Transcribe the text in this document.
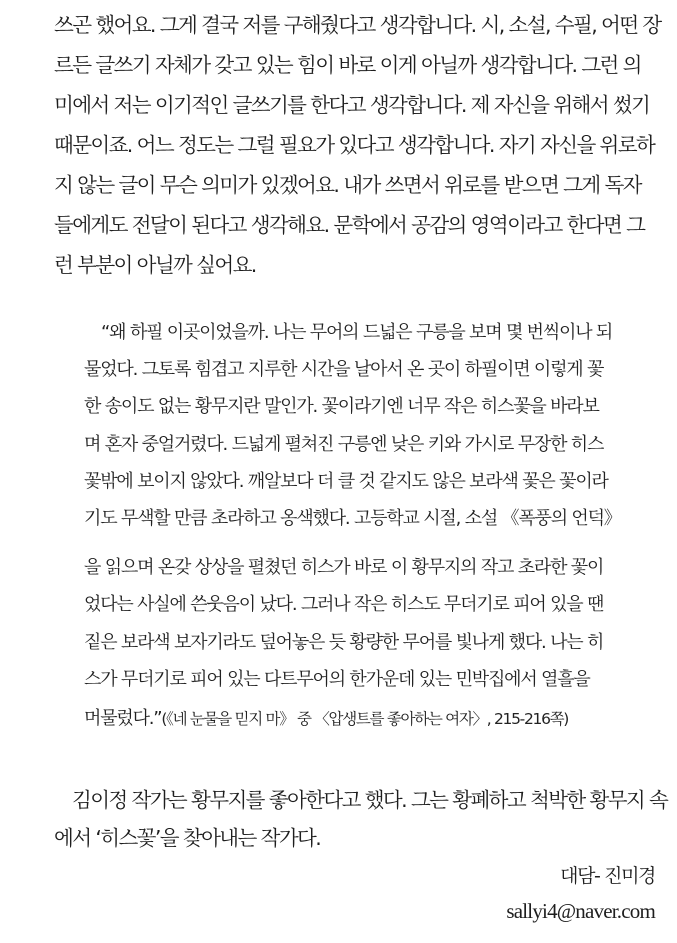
쓰곤 했어요. 그게 결국 저를 구해줬다고 생각합니다. 시, 소설, 수필, 어떤 장
르든 글쓰기 자체가 갖고 있는 힘이 바로 이게 아닐까 생각합니다. 그런 의
미에서 저는 이기적인 글쓰기를 한다고 생각합니다. 제 자신을 위해서 썼기
때문이죠. 어느 정도는 그럴 필요가 있다고 생각합니다. 자기 자신을 위로하
지 않는 글이 무슨 의미가 있겠어요. 내가 쓰면서 위로를 받으면 그게 독자
들에게도 전달이 된다고 생각해요. 문학에서 공감의 영역이라고 한다면 그
런 부분이 아닐까 싶어요.
“왜 하필 이곳이었을까. 나는 무어의 드넓은 구릉을 보며 몇 번씩이나 되
물었다. 그토록 힘겹고 지루한 시간을 날아서 온 곳이 하필이면 이렇게 꽃
한 송이도 없는 황무지란 말인가. 꽃이라기엔 너무 작은 히스꽃을 바라보
며 혼자 중얼거렸다. 드넓게 펼쳐진 구릉엔 낮은 키와 가시로 무장한 히스
꽃밖에 보이지 않았다. 깨알보다 더 클 것 같지도 않은 보라색 꽃은 꽃이라
기도 무색할 만큼 초라하고 옹색했다. 고등학교 시절, 소설 《폭풍의 언덕》
을 읽으며 온갖 상상을 펼쳤던 히스가 바로 이 황무지의 작고 초라한 꽃이
었다는 사실에 쓴웃음이 났다. 그러나 작은 히스도 무더기로 피어 있을 땐
짙은 보라색 보자기라도 덮어놓은 듯 황량한 무어를 빛나게 했다. 나는 히
스가 무더기로 피어 있는 다트무어의 한가운데 있는 민박집에서 열흘을
머물렀다.”(《네 눈물을 믿지 마》 중 〈압생트를 좋아하는 여자〉, 215-216쪽)
김이정 작가는 황무지를 좋아한다고 했다. 그는 황폐하고 척박한 황무지 속
에서 ‘히스꽃’을 찾아내는 작가다.
대담- 진미경
sallyi4@naver.com
